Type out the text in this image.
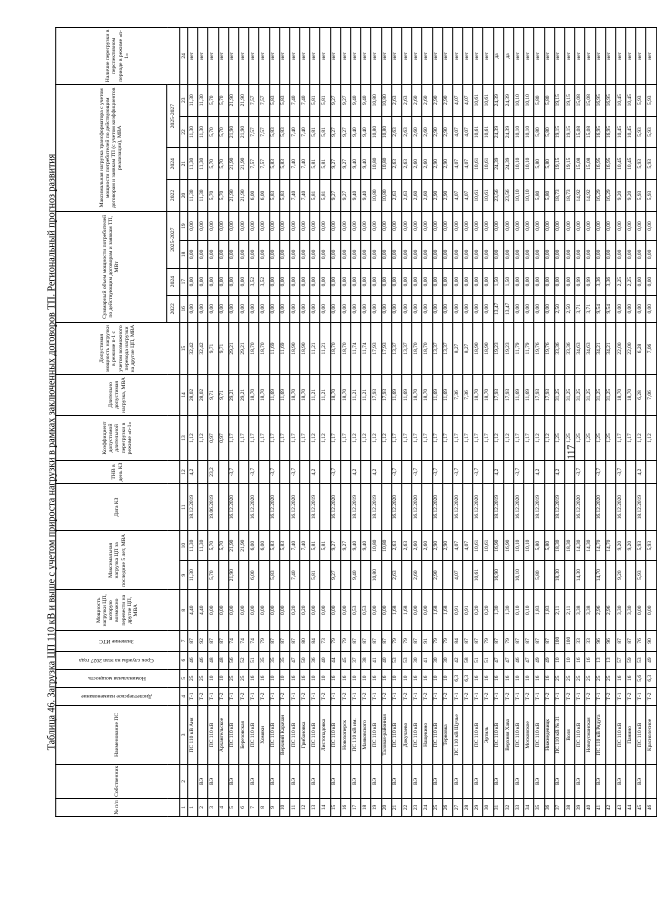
Таблица 46. Загрузка ЦП 110 кВ и выше с учетом прироста нагрузки в рамках заключенных договоров ТП. Региональный прогноз развития
№ п/п	Собственник	Наименование ПС	Диспетчерское наименование	Номинальная мощность	Срок службы на этап 2027 года	Значение ИТС	Мощность нагрузки ЦП, которую возможно перевести на другие ЦП, МВА	Максимальная нагрузка ЦП за последние 5 лет, МВА		Дата КЗ	ТНВ в день КЗ	Коэффициент допустимой длительной перегрузки в режиме «n-1»	Длительно допустимая нагрузка, МВА	Допустимая мощность нагрузки в режиме n-1 с учетом возможного перевода нагрузки на другие ЦП, МВА	Суммарный объем мощности потребителей по действующим договорам и заявкам ТП, МВт				Максимальная нагрузка трансформатора с учетом мощности потребителей по действующим договорам и заявкам ТП (с учетом коэффициентов реализации), МВА				Наличие перегрузки в перспективном периоде в режиме «n-1»
															2022	2024	2025-2027		2022	2024	2025-2027		
1	2	3	4	5	6	7	8	9	10	11	12	13	14	15	16	17	18	19	20	21	22	23	24
1		ПС 110 кВ Аня	Т-1	25	46	87	4,40	11,30	11,30	18.12.2019	4,2	1,12	28,02	32,42	0,00	0,00	0,00	0,00	11,30	11,30	11,30	11,30	нет
2	ВЭ		Т-2	25	46	92	4,40		11,30			1,12	28,02	32,42	0,00	0,00	0,00	0,00	11,30	11,30	11,30	11,30	нет
3	ВЭ	ПС 110 кВ	Т-1	10	48	87	0,00	5,70	5,70	19.06.2019	23,2	0,97	9,71	9,71	0,00	0,00	0,00	0,00	5,70	5,70	5,70	5,70	нет
4		Архангельское	Т-2	10	48	87	0,00		5,70			0,97	9,71	9,71	0,00	0,00	0,00	0,00	5,70	5,70	5,70	5,70	нет
5	ВЭ	ПС 110 кВ	Т-1	25	56	74	0,00	21,90	21,90	16.12.2020	-3,7	1,17	29,21	29,21	0,00	0,00	0,00	0,00	21,90	21,90	21,90	21,90	нет
6		Березовская	Т-2	25	52	74	0,00		21,90			1,17	29,21	29,21	0,00	0,00	0,00	0,00	21,90	21,90	21,90	21,90	нет
7	ВЭ	ПС 110 кВ	Т-1	16	51	74	0,00	6,00	6,00	16.12.2020	-3,7	1,17	18,70	18,70	0,00	3,52	0,00	0,00	6,00	7,57	7,57	7,57	нет
8		Хомяки	Т-2	16	35	79	0,00		6,00			1,17	18,70	18,70	0,00	3,52	0,00	0,00	6,00	7,57	7,57	7,57	нет
9	ВЭ	ПС 110 кВ	Т-1	10	35	87	0,00	5,83	5,83	16.12.2020	-3,7	1,17	11,69	11,69	0,00	0,00	0,00	0,00	5,83	5,83	5,83	5,83	нет
10		Верхний Карачан	Т-2	10	35	87	0,00		5,83			1,17	11,69	11,69	0,00	0,00	0,00	0,00	5,83	5,83	5,83	5,83	нет
11	ВЭ	ПС 110 кВ	Т-1	16	47	87	0,20	7,40	7,40	16.12.2020	-3,7	1,17	18,70	18,90	0,00	0,00	0,00	0,00	7,40	7,40	7,40	7,40	нет
12		Грибановка	Т-2	16	50	80	0,20		7,40			1,17	18,70	18,90	0,00	0,00	0,00	0,00	7,40	7,40	7,40	7,40	нет
13	ВЭ	ПС 110 кВ	Т-1	10	36	84	0,00	5,81	5,81	18.12.2019	4,2	1,12	11,21	11,21	0,00	0,00	0,00	0,00	5,81	5,81	5,81	5,81	нет
14		Листопадовка	Т-2	10	40	73	0,00		5,81			1,12	11,21	11,21	0,00	0,00	0,00	0,00	5,81	5,81	5,81	5,81	нет
15	ВЭ	ПС 110 кВ	Т-1	16	44	79	0,00	9,27	9,27	16.12.2020	-3,7	1,17	18,70	18,70	0,00	0,00	0,00	0,00	9,27	9,27	9,27	9,27	нет
16		Новохоперск	Т-2	16	45	79	0,00		9,27			1,17	18,70	18,70	0,00	0,00	0,00	0,00	9,27	9,27	9,27	9,27	нет
17	ВЭ	ПС 110 кВ им.	Т-1	10	37	87	0,53	9,40	9,40	18.12.2019	4,2	1,12	11,21	11,74	0,00	0,00	0,00	0,00	9,40	9,40	9,40	9,40	нет
18		Маяковского	Т-2	10	38	87	0,53		9,40			1,12	11,21	11,74	0,00	0,00	0,00	0,00	9,40	9,40	9,40	9,40	нет
19	ВЭ	ПС 110 кВ	Т-1	16	41	87	0,00	10,80	10,80	18.12.2019	4,2	1,12	17,93	17,93	0,00	0,00	0,00	0,00	10,80	10,80	10,80	10,80	нет
20		Таловая-районная	Т-2	16	40	87	0,00		10,80			1,12	17,93	17,93	0,00	0,00	0,00	0,00	10,80	10,80	10,80	10,80	нет
21	ВЭ	ПС 110 кВ	Т-1	10	53	79	1,68	2,63	2,63	16.12.2020	-3,7	1,17	11,69	13,37	0,00	0,00	0,00	0,00	2,63	2,63	2,63	2,63	нет
22		Докучаево	Т-2	10	53	79	1,68		2,63			1,17	11,69	13,37	0,00	0,00	0,00	0,00	2,63	2,63	2,63	2,63	нет
23	ВЭ	ПС 110 кВ	Т-1	16	30	87	0,00	2,60	2,60	16.12.2020	-3,7	1,17	18,70	18,70	0,00	0,00	0,00	0,00	2,60	2,60	2,60	2,60	нет
24		Нащекино	Т-2	16	41	91	0,00		2,60			1,17	18,70	18,70	0,00	0,00	0,00	0,00	2,60	2,60	2,60	2,60	нет
25	ВЭ	ПС 110 кВ	Т-1	10	30	79	1,68	2,90	2,90	16.12.2020	-3,7	1,17	11,69	13,37	0,00	0,00	0,00	0,00	2,90	2,90	2,90	2,90	нет
26		Терновка	Т-2	10	30	79	1,68		2,90			1,17	11,69	13,37	0,00	0,00	0,00	0,00	2,90	2,90	2,90	2,90	нет
27	ВЭ	ПС 110 кВ Щучье	Т-1	6,3	42	84	0,91	4,07	4,07	16.12.2020	-3,7	1,17	7,36	8,27	0,00	0,00	0,00	0,00	4,07	4,07	4,07	4,07	нет
28			Т-2	6,3	58	87	0,91		4,07			1,17	7,36	8,27	0,00	0,00	0,00	0,00	4,07	4,07	4,07	4,07	нет
29	ВЭ	ПС 110 кВ	Т-1	16	51	87	0,20	10,61	10,61	16.12.2020	-3,7	1,17	18,70	18,90	0,00	0,00	0,00	0,00	10,61	10,61	10,61	10,61	нет
30		Эртиль	Т-2	16	51	79	0,20		10,61			1,17	18,70	18,90	0,00	0,00	0,00	0,00	10,61	10,61	10,61	10,61	нет
31	ВЭ	ПС 110 кВ	Т-1	16	47	87	1,30	16,90	16,90	18.12.2019	4,2	1,12	17,93	19,23	13,47	1,50	0,00	0,00	23,56	24,39	24,39	24,39	да
32		Верхняя Хава	Т-2	16	47	79	1,30		16,90			1,12	17,93	19,23	13,47	1,50	0,00	0,00	23,56	24,39	24,39	24,39	да
33	ВЭ	ПС 110 кВ	Т-1	10	46	87	0,10	10,10	10,10	16.12.2020	-3,7	1,17	11,69	11,79	0,00	0,00	0,00	0,00	10,10	10,10	10,10	10,10	нет
34		Московское	Т-2	10	47	87	0,10		10,10			1,17	11,69	11,79	0,00	0,00	0,00	0,00	10,10	10,10	10,10	10,10	нет
35	ВЭ	ПС 110 кВ	Т-1	16	49	87	1,83	5,80	5,80	18.12.2019	4,2	1,12	17,93	19,76	0,00	0,00	0,00	0,00	5,80	5,80	5,80	5,80	нет
36		Нижнедевицк	Т-2	16	49	87	1,83		5,80			1,12	17,93	19,76	0,00	0,00	0,00	0,00	5,80	5,80	5,80	5,80	нет
37	ВЭ	ПС 110 кВ № 31	Т-1	25	10	100	2,11	18,30	18,30	18.12.2019	4,2	1,25	31,25	33,36	2,50	0,00	0,00	0,00	18,73	19,15	19,15	19,15	нет
38		Воля	Т-2	25	10	100	2,11		18,30			1,25	31,25	33,36	2,50	0,00	0,00	0,00	18,73	19,15	19,15	19,15	нет
39	ВЭ	ПС 110 кВ	Т-1	25	16	33	3,38	14,30	14,30	16.12.2020	-3,7	1,25	31,25	34,63	3,71	0,99	0,00	0,00	14,92	15,08	15,08	15,08	нет
40		Новоусманская	Т-2	25	16	33	3,38		14,30			1,25	31,25	34,63	3,71	0,99	0,00	0,00	14,92	15,08	15,08	15,08	нет
41	ВЭ	ПС 110 кВ Рядуга	Т-1	25	13	96	2,96	14,70	14,70	16.12.2020	-3,7	1,25	31,25	34,21	9,54	3,36	0,00	0,00	16,29	16,95	16,95	16,95	нет
42			Т-2	25	13	96	2,96		14,70			1,25	31,25	34,21	9,54	3,36	0,00	0,00	16,29	16,95	16,95	16,95	нет
43	ВЭ	ПС 110 кВ	Т-1	16	57	87	3,30	9,20	9,20	16.12.2020	-3,7	1,17	18,70	22,00	0,00	2,25	0,00	0,00	9,20	10,45	10,45	10,45	нет
44		Панино	Т-2	16	59	87	3,30		9,20			1,17	18,70	22,00	0,00	2,25	0,00	0,00	9,20	10,45	10,45	10,45	нет
45	ВЭ	ПС 110 кВ	Т-1	5,6	53	76	0,00	5,93	5,93	18.12.2019	4,2	1,12	6,28	6,28	0,00	0,00	0,00	0,00	5,93	5,93	5,93	5,93	нет
46		Краснолесное	Т-2	6,3	49	90	0,00		5,93			1,12	7,06	7,06	0,00	0,00	0,00	0,00	5,93	5,93	5,93	5,93	нет
117
